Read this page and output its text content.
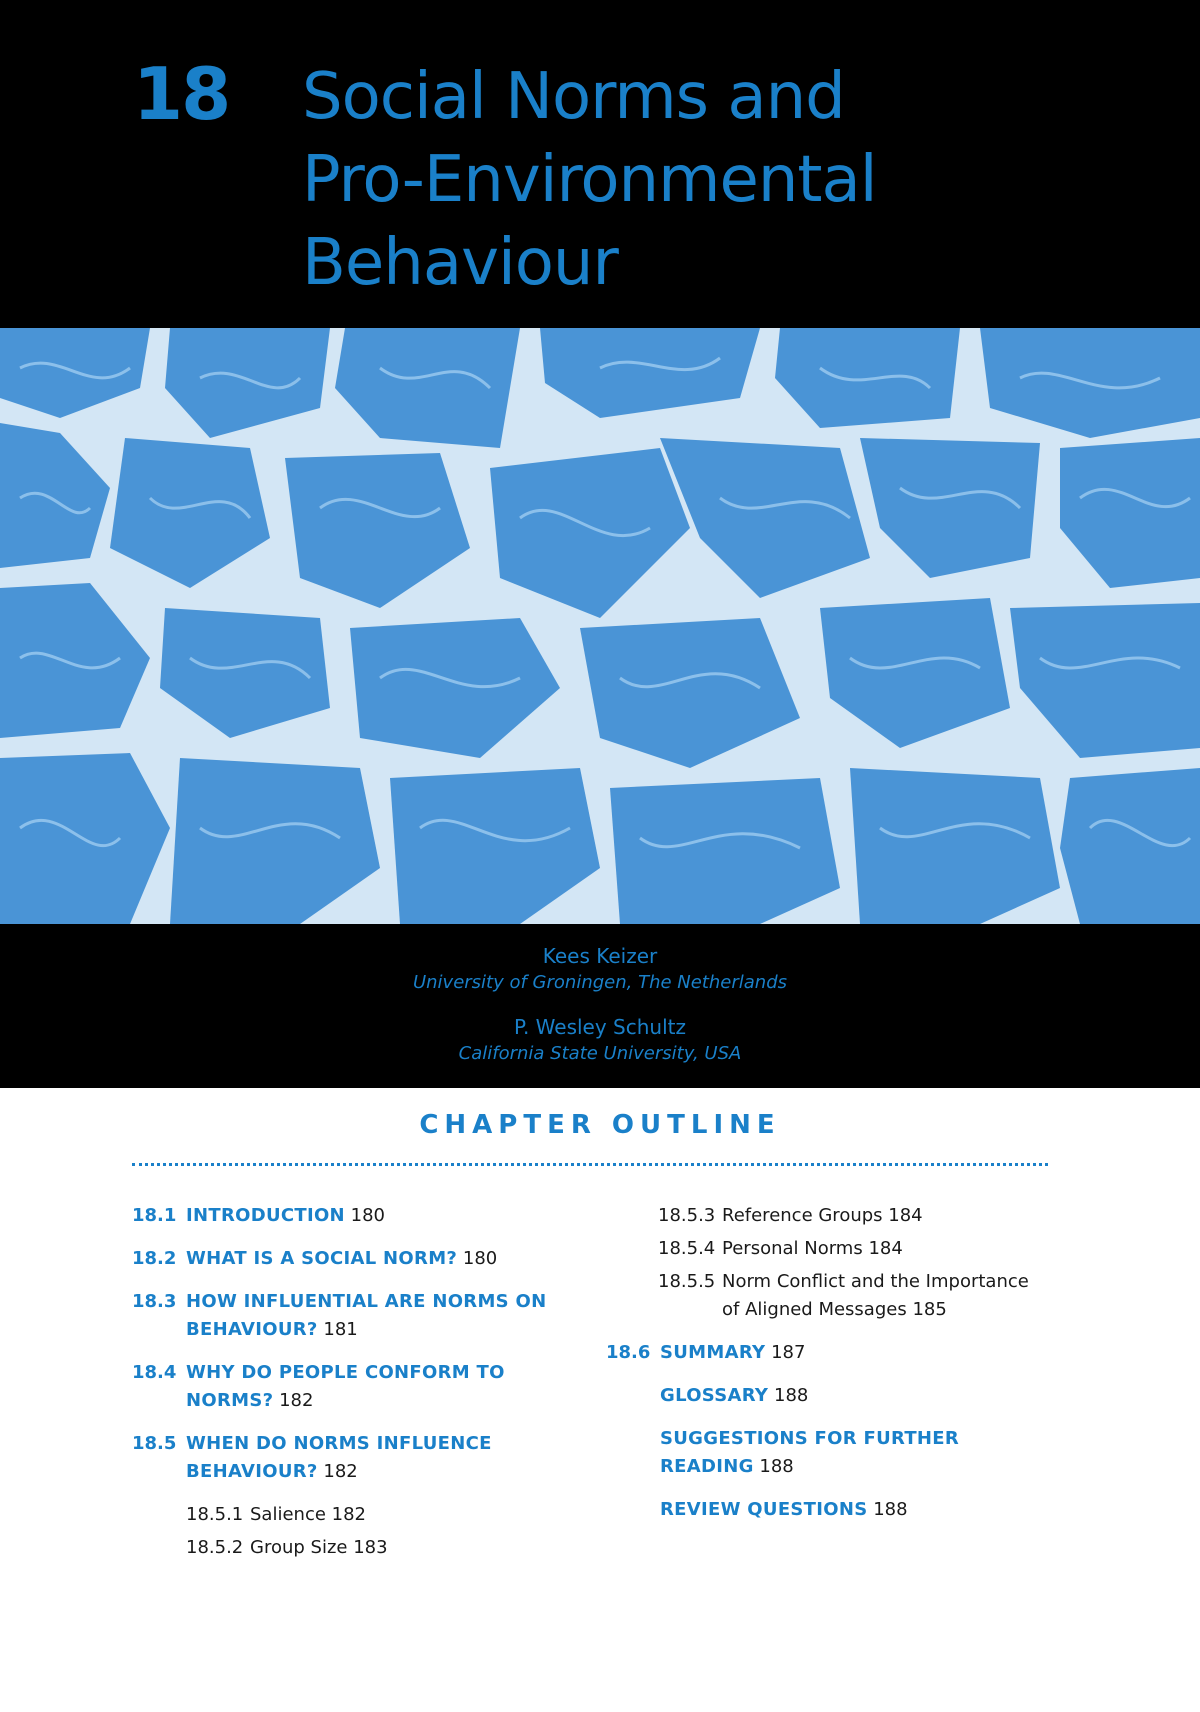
18 Social Norms and
Pro-Environmental
Behaviour
Kees Keizer
University of Groningen, The Netherlands
P. Wesley Schultz
California State University, USA
CHAPTER OUTLINE
18.1 INTRODUCTION 180
18.2 WHAT IS A SOCIAL NORM? 180
18.3 HOW INFLUENTIAL ARE NORMS ON
BEHAVIOUR? 181
18.4 WHY DO PEOPLE CONFORM TO
NORMS? 182
18.5 WHEN DO NORMS INFLUENCE
BEHAVIOUR? 182
18.5.1 Salience 182
18.5.2 Group Size 183
18.5.3 Reference Groups 184
18.5.4 Personal Norms 184
18.5.5 Norm Conflict and the Importance
of Aligned Messages 185
18.6 SUMMARY 187
GLOSSARY 188
SUGGESTIONS FOR FURTHER
READING 188
REVIEW QUESTIONS 188
